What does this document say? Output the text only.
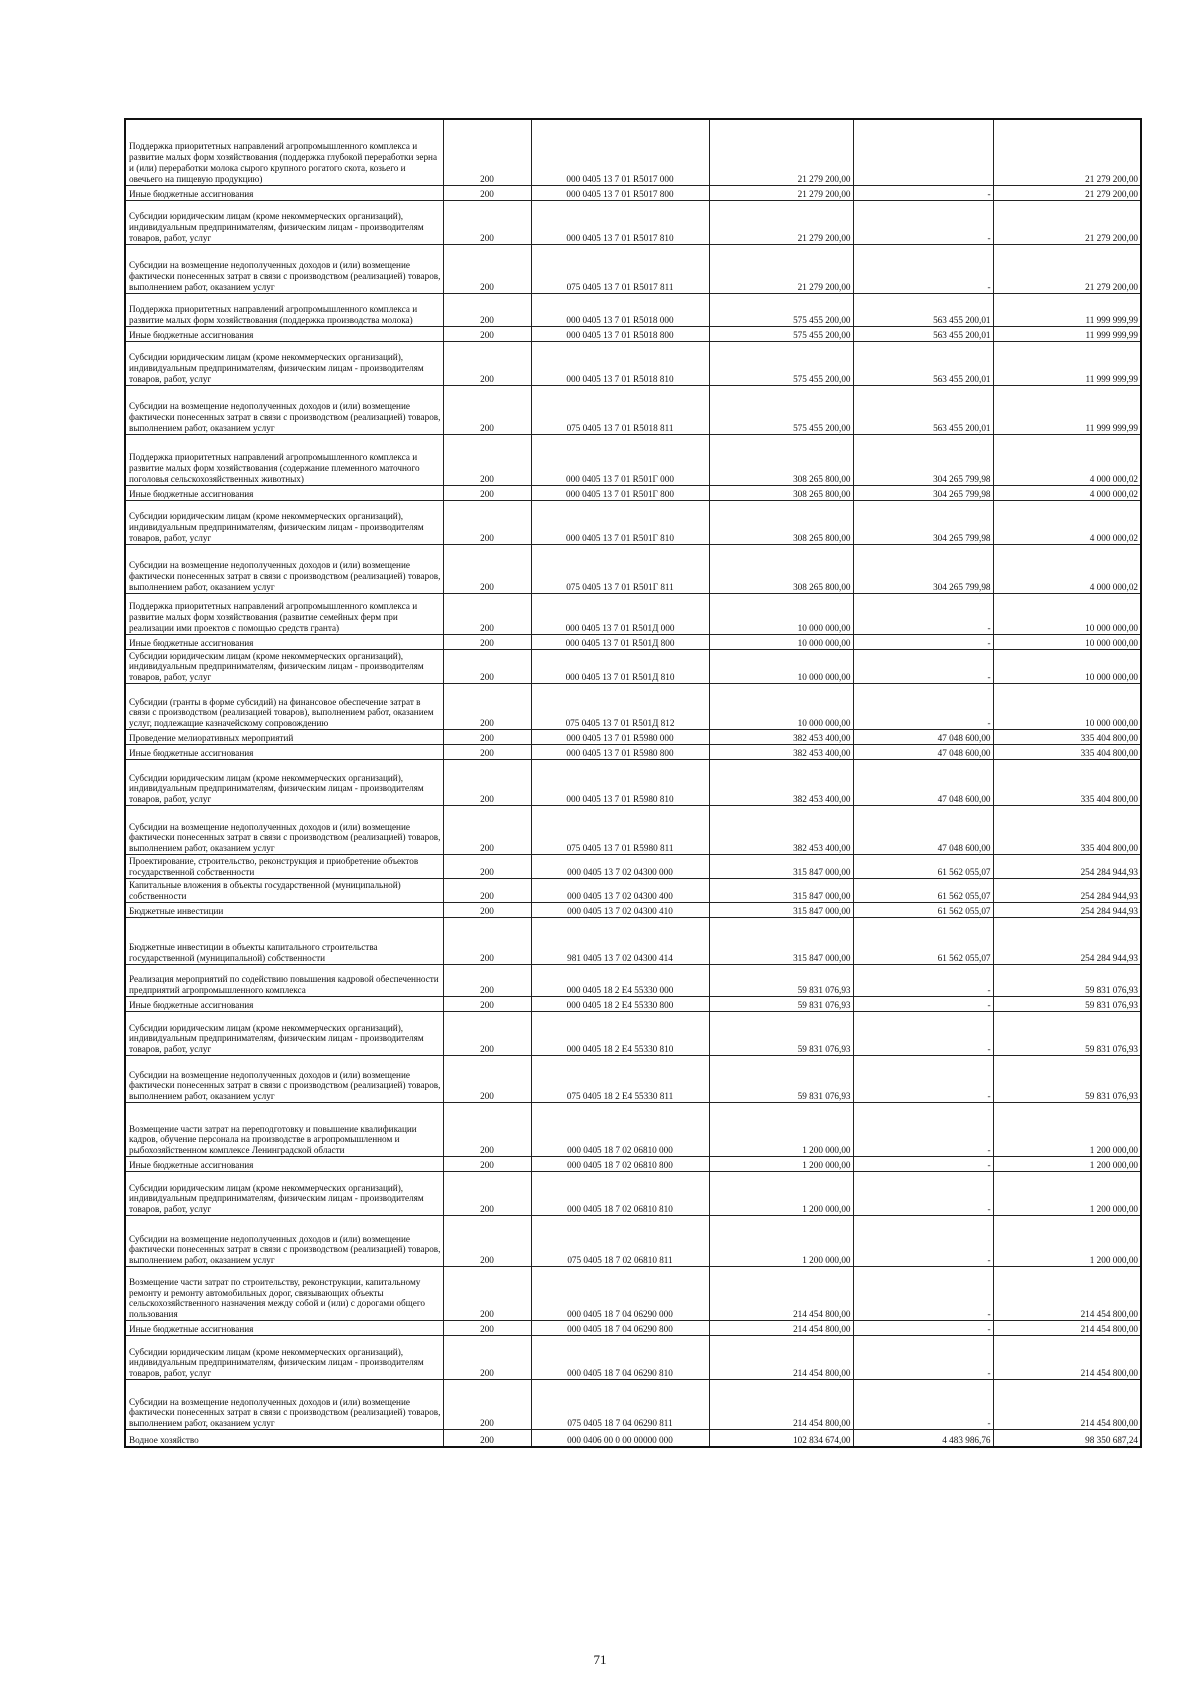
Поддержка приоритетных направлений агропромышленного комплекса и развитие малых форм хозяйствования (поддержка глубокой переработки зерна и (или) переработки молока сырого крупного рогатого скота, козьего и овечьего на пищевую продукцию)	200	000 0405 13 7 01 R5017 000	21 279 200,00		21 279 200,00
Иные бюджетные ассигнования	200	000 0405 13 7 01 R5017 800	21 279 200,00	-	21 279 200,00
Субсидии юридическим лицам (кроме некоммерческих организаций), индивидуальным предпринимателям, физическим лицам - производителям товаров, работ, услуг	200	000 0405 13 7 01 R5017 810	21 279 200,00	-	21 279 200,00
Субсидии на возмещение недополученных доходов и (или) возмещение фактически понесенных затрат в связи с производством (реализацией) товаров, выполнением работ, оказанием услуг	200	075 0405 13 7 01 R5017 811	21 279 200,00	-	21 279 200,00
Поддержка приоритетных направлений агропромышленного комплекса и развитие малых форм хозяйствования (поддержка производства молока)	200	000 0405 13 7 01 R5018 000	575 455 200,00	563 455 200,01	11 999 999,99
Иные бюджетные ассигнования	200	000 0405 13 7 01 R5018 800	575 455 200,00	563 455 200,01	11 999 999,99
Субсидии юридическим лицам (кроме некоммерческих организаций), индивидуальным предпринимателям, физическим лицам - производителям товаров, работ, услуг	200	000 0405 13 7 01 R5018 810	575 455 200,00	563 455 200,01	11 999 999,99
Субсидии на возмещение недополученных доходов и (или) возмещение фактически понесенных затрат в связи с производством (реализацией) товаров, выполнением работ, оказанием услуг	200	075 0405 13 7 01 R5018 811	575 455 200,00	563 455 200,01	11 999 999,99
Поддержка приоритетных направлений агропромышленного комплекса и развитие малых форм хозяйствования (содержание племенного маточного поголовья сельскохозяйственных животных)	200	000 0405 13 7 01 R501Г 000	308 265 800,00	304 265 799,98	4 000 000,02
Иные бюджетные ассигнования	200	000 0405 13 7 01 R501Г 800	308 265 800,00	304 265 799,98	4 000 000,02
Субсидии юридическим лицам (кроме некоммерческих организаций), индивидуальным предпринимателям, физическим лицам - производителям товаров, работ, услуг	200	000 0405 13 7 01 R501Г 810	308 265 800,00	304 265 799,98	4 000 000,02
Субсидии на возмещение недополученных доходов и (или) возмещение фактически понесенных затрат в связи с производством (реализацией) товаров, выполнением работ, оказанием услуг	200	075 0405 13 7 01 R501Г 811	308 265 800,00	304 265 799,98	4 000 000,02
Поддержка приоритетных направлений агропромышленного комплекса и развитие малых форм хозяйствования (развитие семейных ферм при реализации ими проектов с помощью средств гранта)	200	000 0405 13 7 01 R501Д 000	10 000 000,00	-	10 000 000,00
Иные бюджетные ассигнования	200	000 0405 13 7 01 R501Д 800	10 000 000,00	-	10 000 000,00
Субсидии юридическим лицам (кроме некоммерческих организаций), индивидуальным предпринимателям, физическим лицам - производителям товаров, работ, услуг	200	000 0405 13 7 01 R501Д 810	10 000 000,00	-	10 000 000,00
Субсидии (гранты в форме субсидий) на финансовое обеспечение затрат в связи с производством (реализацией товаров), выполнением работ, оказанием услуг, подлежащие казначейскому сопровождению	200	075 0405 13 7 01 R501Д 812	10 000 000,00	-	10 000 000,00
Проведение мелиоративных мероприятий	200	000 0405 13 7 01 R5980 000	382 453 400,00	47 048 600,00	335 404 800,00
Иные бюджетные ассигнования	200	000 0405 13 7 01 R5980 800	382 453 400,00	47 048 600,00	335 404 800,00
Субсидии юридическим лицам (кроме некоммерческих организаций), индивидуальным предпринимателям, физическим лицам - производителям товаров, работ, услуг	200	000 0405 13 7 01 R5980 810	382 453 400,00	47 048 600,00	335 404 800,00
Субсидии на возмещение недополученных доходов и (или) возмещение фактически понесенных затрат в связи с производством (реализацией) товаров, выполнением работ, оказанием услуг	200	075 0405 13 7 01 R5980 811	382 453 400,00	47 048 600,00	335 404 800,00
Проектирование, строительство, реконструкция и приобретение объектов государственной собственности	200	000 0405 13 7 02 04300 000	315 847 000,00	61 562 055,07	254 284 944,93
Капитальные вложения в объекты государственной (муниципальной) собственности	200	000 0405 13 7 02 04300 400	315 847 000,00	61 562 055,07	254 284 944,93
Бюджетные инвестиции	200	000 0405 13 7 02 04300 410	315 847 000,00	61 562 055,07	254 284 944,93
Бюджетные инвестиции в объекты капитального строительства государственной (муниципальной) собственности	200	981 0405 13 7 02 04300 414	315 847 000,00	61 562 055,07	254 284 944,93
Реализация мероприятий по содействию повышения кадровой обеспеченности предприятий агропромышленного комплекса	200	000 0405 18 2 Е4 55330 000	59 831 076,93	-	59 831 076,93
Иные бюджетные ассигнования	200	000 0405 18 2 Е4 55330 800	59 831 076,93	-	59 831 076,93
Субсидии юридическим лицам (кроме некоммерческих организаций), индивидуальным предпринимателям, физическим лицам - производителям товаров, работ, услуг	200	000 0405 18 2 Е4 55330 810	59 831 076,93	-	59 831 076,93
Субсидии на возмещение недополученных доходов и (или) возмещение фактически понесенных затрат в связи с производством (реализацией) товаров, выполнением работ, оказанием услуг	200	075 0405 18 2 Е4 55330 811	59 831 076,93	-	59 831 076,93
Возмещение части затрат на переподготовку и повышение квалификации кадров, обучение персонала на производстве в агропромышленном и рыбохозяйственном комплексе Ленинградской области	200	000 0405 18 7 02 06810 000	1 200 000,00	-	1 200 000,00
Иные бюджетные ассигнования	200	000 0405 18 7 02 06810 800	1 200 000,00	-	1 200 000,00
Субсидии юридическим лицам (кроме некоммерческих организаций), индивидуальным предпринимателям, физическим лицам - производителям товаров, работ, услуг	200	000 0405 18 7 02 06810 810	1 200 000,00	-	1 200 000,00
Субсидии на возмещение недополученных доходов и (или) возмещение фактически понесенных затрат в связи с производством (реализацией) товаров, выполнением работ, оказанием услуг	200	075 0405 18 7 02 06810 811	1 200 000,00	-	1 200 000,00
Возмещение части затрат по строительству, реконструкции, капитальному ремонту и ремонту автомобильных дорог, связывающих объекты сельскохозяйственного назначения между собой и (или) с дорогами общего пользования	200	000 0405 18 7 04 06290 000	214 454 800,00	-	214 454 800,00
Иные бюджетные ассигнования	200	000 0405 18 7 04 06290 800	214 454 800,00	-	214 454 800,00
Субсидии юридическим лицам (кроме некоммерческих организаций), индивидуальным предпринимателям, физическим лицам - производителям товаров, работ, услуг	200	000 0405 18 7 04 06290 810	214 454 800,00	-	214 454 800,00
Субсидии на возмещение недополученных доходов и (или) возмещение фактически понесенных затрат в связи с производством (реализацией) товаров, выполнением работ, оказанием услуг	200	075 0405 18 7 04 06290 811	214 454 800,00	-	214 454 800,00
Водное хозяйство	200	000 0406 00 0 00 00000 000	102 834 674,00	4 483 986,76	98 350 687,24
71
